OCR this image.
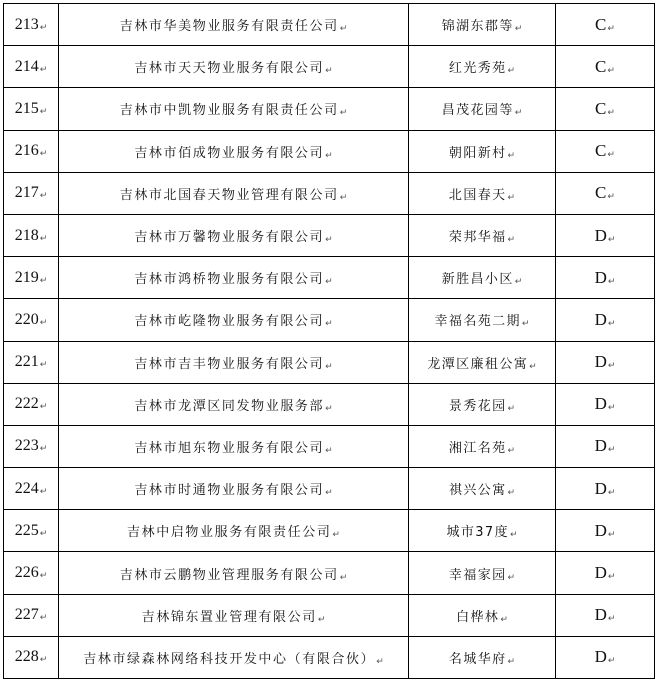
213↵	吉林市华美物业服务有限责任公司↵	锦湖东郡等↵	C↵
214↵	吉林市天天物业服务有限公司↵	红光秀苑↵	C↵
215↵	吉林市中凯物业服务有限责任公司↵	昌茂花园等↵	C↵
216↵	吉林市佰成物业服务有限公司↵	朝阳新村↵	C↵
217↵	吉林市北国春天物业管理有限公司↵	北国春天↵	C↵
218↵	吉林市万馨物业服务有限公司↵	荣邦华福↵	D↵
219↵	吉林市鸿桥物业服务有限公司↵	新胜昌小区↵	D↵
220↵	吉林市屹隆物业服务有限公司↵	幸福名苑二期↵	D↵
221↵	吉林市吉丰物业服务有限公司↵	龙潭区廉租公寓↵	D↵
222↵	吉林市龙潭区同发物业服务部↵	景秀花园↵	D↵
223↵	吉林市旭东物业服务有限公司↵	湘江名苑↵	D↵
224↵	吉林市时通物业服务有限公司↵	祺兴公寓↵	D↵
225↵	吉林中启物业服务有限责任公司↵	城市37度↵	D↵
226↵	吉林市云鹏物业管理服务有限公司↵	幸福家园↵	D↵
227↵	吉林锦东置业管理有限公司↵	白桦林↵	D↵
228↵	吉林市绿森林网络科技开发中心（有限合伙）↵	名城华府↵	D↵
